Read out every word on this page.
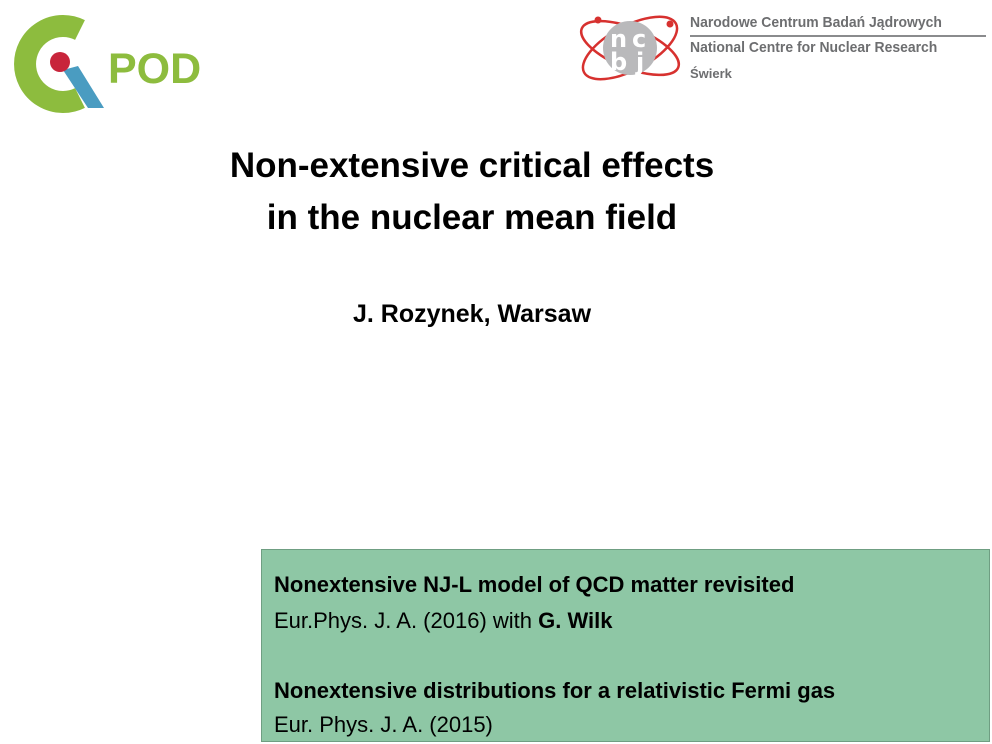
POD
n c
b j
Narodowe Centrum Badań Jądrowych
National Centre for Nuclear Research
Świerk
Non-extensive critical effects
in the nuclear mean field
J. Rozynek, Warsaw
Nonextensive NJ-L model of QCD matter revisited
Eur.Phys. J. A. (2016) with G. Wilk
Nonextensive distributions for a relativistic Fermi gas
Eur. Phys. J. A. (2015)
